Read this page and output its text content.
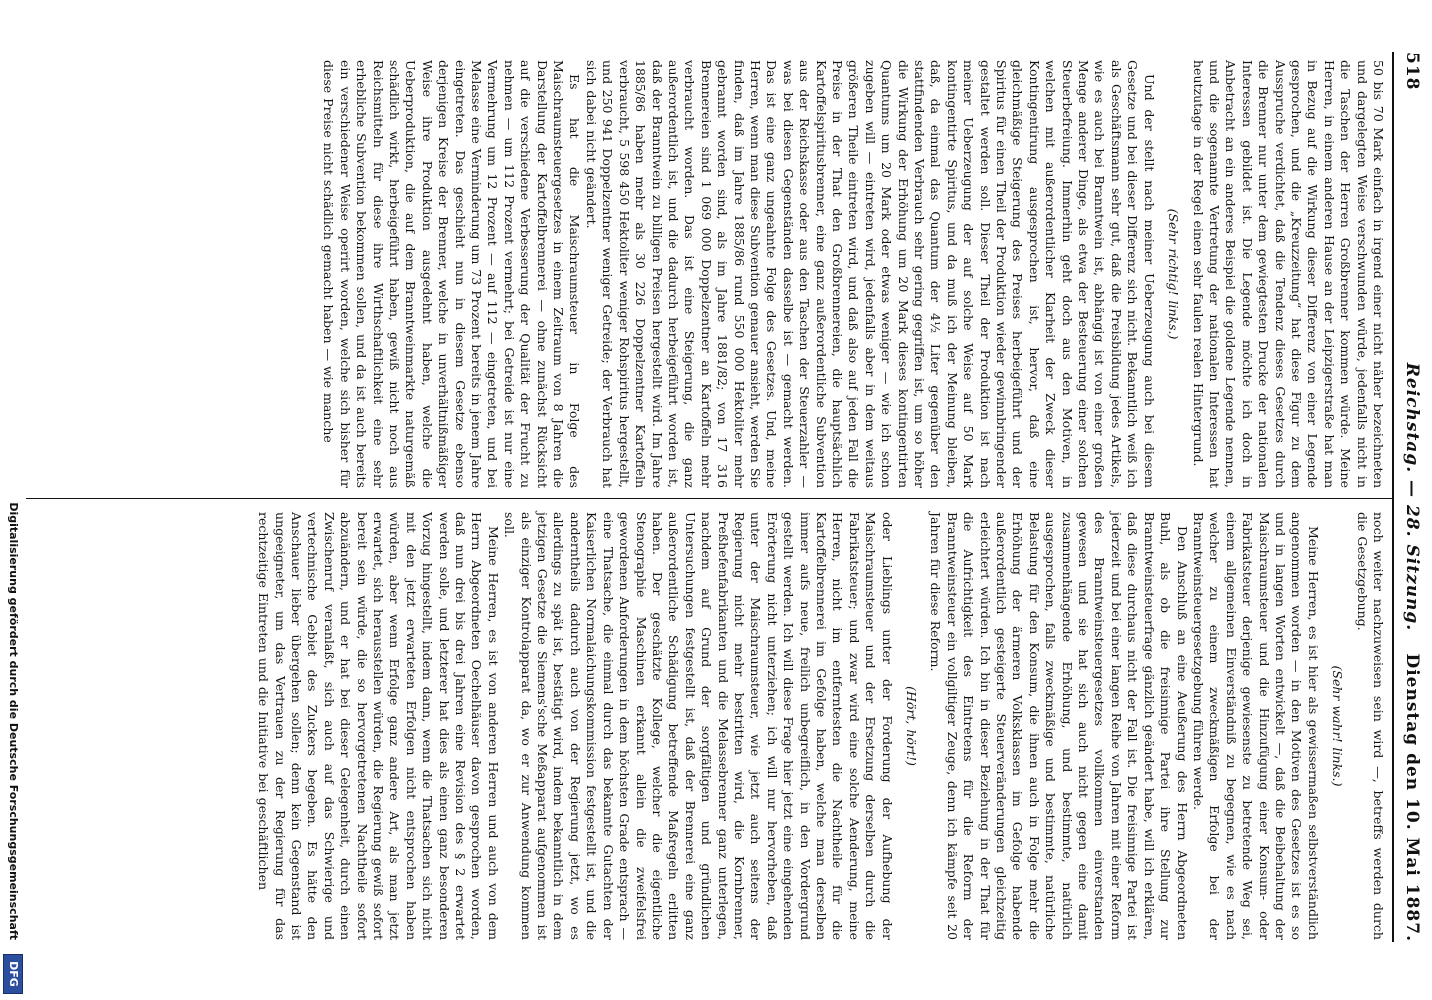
518
Reichstag. — 28. Sitzung.
Dienstag den 10. Mai 1887.

50 bis 70 Mark einfach in irgend einer nicht näher bezeichneten und dargelegten Weise verschwunden würde, jedenfalls nicht in die Taschen der Herren Großbrenner kommen würde. Meine Herren, in einem anderen Hause an der Leipzigerstraße hat man in Bezug auf die Wirkung dieser Differenz von einer Legende gesprochen, und die „Kreuzzeitung“ hat diese Figur zu dem Ausspruche verdichtet, daß die Tendenz dieses Gesetzes durch die Brenner nur unter dem gewiegtesten Drucke der nationalen Interessen gebildet ist. Die Legende möchte ich doch in Anbetracht an ein anderes Beispiel die goldene Legende nennen, und die sogenannte Vertretung der nationalen Interessen hat heutzutage in der Regel einen sehr faulen realen Hintergrund.

(Sehr richtig! links.)

Und der stellt nach meiner Ueberzeugung auch bei diesem Gesetze und bei dieser Differenz sich nicht. Bekanntlich weiß ich als Geschäftsmann sehr gut, daß die Preisbildung jedes Artikels, wie es auch bei Branntwein ist, abhängig ist von einer großen Menge anderer Dinge, als etwa der Besteuerung einer solchen Steuerbefreiung. Immerhin geht doch aus den Motiven, in welchen mit außerordentlicher Klarheit der Zweck dieser Kontingentirung ausgesprochen ist, hervor, daß eine gleichmäßige Steigerung des Preises herbeigeführt und der Spiritus für einen Theil der Produktion wieder gewinnbringender gestaltet werden soll. Dieser Theil der Produktion ist nach meiner Ueberzeugung der auf solche Weise auf 50 Mark kontingentirte Spiritus, und da muß ich der Meinung bleiben, daß, da einmal das Quantum der 4½ Liter gegenüber den stattfindenden Verbrauch sehr gering gegriffen ist, um so höher die Wirkung der Erhöhung um 20 Mark dieses kontingentirten Quantums um 20 Mark oder etwas weniger — wie ich schon zugeben will — eintreten wird, jedenfalls aber in dem weitaus größeren Theile eintreten wird, und daß also auf jeden Fall die Preise in der That den Großbrennereien, die hauptsächlich Kartoffelspiritusbrenner, eine ganz außerordentliche Subvention aus der Reichskasse oder aus den Taschen der Steuerzahler — was bei diesen Gegenständen dasselbe ist — gemacht werden. Das ist eine ganz ungeahnte Folge des Gesetzes. Und, meine Herren, wenn man diese Subvention genauer ansieht, werden Sie finden, daß im Jahre 1885/86 rund 550 000 Hektoliter mehr gebrannt worden sind, als im Jahre 1881/82; von 17 316 Brennereien sind 1 069 000 Doppelzentner an Kartoffeln mehr verbraucht worden. Das ist eine Steigerung, die ganz außerordentlich ist, und die dadurch herbeigeführt worden ist, daß der Branntwein zu billigen Preisen hergestellt wird. Im Jahre 1885/86 haben mehr als 30 226 Doppelzentner Kartoffeln verbraucht, 5 598 450 Hektoliter weniger Rohspiritus hergestellt, und 250 941 Doppelzentner weniger Getreide; der Verbrauch hat sich dabei nicht geändert.

Es hat die Maischraumsteuer in Folge des Maischraumsteuergesetzes in einem Zeitraum von 8 Jahren die Darstellung der Kartoffelbrennerei — ohne zunächst Rücksicht auf die verschiedene Verbesserung der Qualität der Frucht zu nehmen — um 112 Prozent vermehrt; bei Getreide ist nur eine Vermehrung um 12 Prozent — auf 112 — eingetreten, und bei Melasse eine Verminderung um 73 Prozent bereits in jenem Jahre eingetreten. Das geschieht nun in diesem Gesetze ebenso derjenigen Kreise der Brenner, welche in unverhältnißmäßiger Weise ihre Produktion ausgedehnt haben, welche die Ueberproduktion, die auf dem Branntweinmarkte naturgemäß schädlich wirkt, herbeigeführt haben, gewiß nicht noch aus Reichsmitteln für diese ihre Wirthschaftlichkeit eine sehr erhebliche Subvention bekommen sollen, und da ist auch bereits ein verschiedener Weise operirt worden, welche sich bisher für diese Preise nicht schädlich gemacht haben — wie manche

noch weiter nachzuweisen sein wird —, betreffs werden durch die Gesetzgebung.

(Sehr wahr! links.)

Meine Herren, es ist hier als gewissermaßen selbstverständlich angenommen worden — in den Motiven des Gesetzes ist es so und in langen Worten entwickelt —, daß die Beibehaltung der Maischraumsteuer und die Hinzufügung einer Konsum- oder Fabrikatsteuer derjenige gewiesenste zu betretende Weg sei, einem allgemeinen Einverständniß zu begegnen, wie es nach welcher zu einem zweckmäßigen Erfolge bei der Branntweinsteuergesetzgebung führen werde.

Den Anschluß an eine Aeußerung des Herrn Abgeordneten Buhl, als ob die freisinnige Partei ihre Stellung zur Branntweinsteuerfrage gänzlich geändert habe, will ich erklären, daß diese durchaus nicht der Fall ist. Die freisinnige Partei ist jederzeit und bei einer langen Reihe von Jahren mit einer Reform des Branntweinsteuergesetzes vollkommen einverstanden gewesen und sie hat sich auch nicht gegen eine damit zusammenhängende Erhöhung, und bestimmte, natürlich ausgesprochen, falls zweckmäßige und bestimmte, natürliche Belastung für den Konsum, die ihnen auch in Folge mehr die Erhöhung der ärmeren Volksklassen im Gefolge habende außerordentlich gesteigerte Steuerveränderungen gleichzeitig erleichtert würden. Ich bin in dieser Beziehung in der That für die Aufrichtigkeit des Eintretens für die Reform der Branntweinsteuer ein vollgiltiger Zeuge, denn ich kämpfe seit 20 Jahren für diese Reform.

(Hört, hört!)

oder Lieblings unter der Forderung der Aufhebung der Maischraumsteuer und der Ersetzung derselben durch die Fabrikatsteuer; und zwar wird eine solche Aenderung, meine Herren, nicht im entferntesten die Nachtheile für die Kartoffelbrennerei im Gefolge haben, welche man derselben immer aufs neue, freilich unbegreiflich, in den Vordergrund gestellt werden. Ich will diese Frage hier jetzt eine eingehenden Erörterung nicht unterziehen; ich will nur hervorheben, daß unter der Maischraumsteuer, wie jetzt auch seitens der Regierung nicht mehr bestritten wird, die Kornbrenner, Preßhefenfabrikanten und die Melassebrenner ganz unterlegen, nachdem auf Grund der sorgfältigen und gründlichen Untersuchungen festgestellt ist, daß der Brennerei eine ganz außerordentliche Schädigung betreffende Maßregeln erlitten haben. Der geschätzte Kollege, welcher die eigentliche Stenographie Maschinen erkannt allein die zweifelsfrei gewordenen Anforderungen in dem höchsten Grade entsprach — eine Thatsache, die einmal durch das bekannte Gutachten der Kaiserlichen Normalaichungskommission festgestellt ist, und die anderntheils dadurch auch von der Regierung jetzt, wo es allerdings zu spät ist, bestätigt wird, indem bekanntlich in dem jetzigen Gesetze die Siemens'sche Meßapparat aufgenommen ist als einziger Kontrolapparat da, wo er zur Anwendung kommen soll.

Meine Herren, es ist von anderen Herren und auch von dem Herrn Abgeordneten Oechelhäuser davon gesprochen worden, daß nun drei bis drei Jahren eine Revision des § 2 erwartet werden solle, und letzterer hat dies als einen ganz besonderen Vorzug hingestellt, indem dann, wenn die Thatsachen sich nicht mit den jetzt erwarteten Erfolgen nicht entsprochen haben würden, aber wenn Erfolge ganz andere Art, als man jetzt erwartet, sich herausstellen würden, die Regierung gewiß sofort bereit sein würde, die so hervorgetretenen Nachtheile sofort abzuändern, und er hat bei dieser Gelegenheit, durch einen Zwischenruf veranlaßt, sich auch auf das Schwierige und vertechnische Gebiet des Zuckers begeben. Es hätte den Anschauer lieber übergehen sollen; denn kein Gegenstand ist ungeeigneter, um das Vertrauen zu der Regierung für das rechtzeitige Eintreten und die Initiative bei geschäftlichen

Digitalisierung gefördert durch die Deutsche Forschungsgemeinschaft
DFG
